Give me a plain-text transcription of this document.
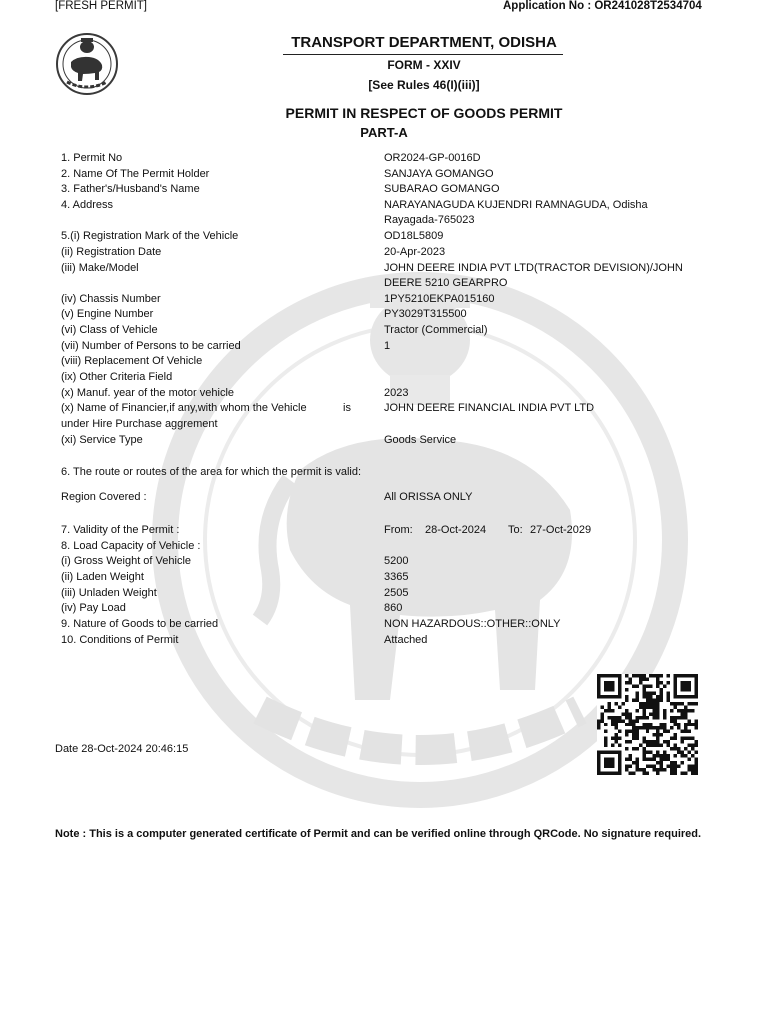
[FRESH PERMIT]	Application No : OR241028T2534704
TRANSPORT DEPARTMENT, ODISHA
FORM - XXIV
[See Rules 46(I)(iii)]
PERMIT IN RESPECT OF GOODS PERMIT
PART-A
1. Permit No
2. Name Of The Permit Holder
3. Father's/Husband's Name
4. Address
5.(i) Registration Mark of the Vehicle
(ii) Registration Date
(iii) Make/Model
(iv) Chassis Number
(v) Engine Number
(vi) Class of Vehicle
(vii) Number of Persons to be carried
(viii) Replacement Of Vehicle
(ix) Other Criteria Field
(x) Manuf. year of the motor vehicle
(x) Name of Financier,if any,with whom the Vehicle	is
under Hire Purchase aggrement
(xi) Service Type
6. The route or routes of the area for which the permit is valid:
Region Covered :
7. Validity of the Permit :
8. Load Capacity of Vehicle :
(i) Gross Weight of Vehicle
(ii) Laden Weight
(iii) Unladen Weight
(iv) Pay Load
9. Nature of Goods to be carried
10. Conditions of Permit
OR2024-GP-0016D
SANJAYA GOMANGO
SUBARAO GOMANGO
NARAYANAGUDA KUJENDRI RAMNAGUDA, Odisha
Rayagada-765023
OD18L5809
20-Apr-2023
JOHN DEERE INDIA PVT LTD(TRACTOR DEVISION)/JOHN
DEERE 5210 GEARPRO
1PY5210EKPA015160
PY3029T315500
Tractor (Commercial)
1
2023
JOHN DEERE FINANCIAL INDIA PVT LTD
Goods Service
All ORISSA ONLY
From: 28-Oct-2024 To: 27-Oct-2029
5200
3365
2505
860
NON HAZARDOUS::OTHER::ONLY
Attached
Date 28-Oct-2024 20:46:15
Note : This is a computer generated certificate of Permit and can be verified online through QRCode. No signature required.
